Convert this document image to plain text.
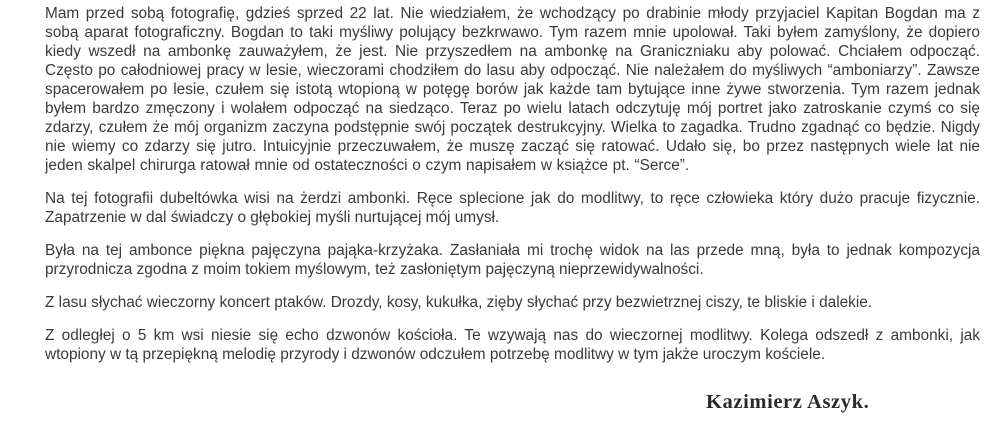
Mam przed sobą fotografię, gdzieś sprzed 22 lat. Nie wiedziałem, że wchodzący po drabinie młody przyjaciel Kapitan Bogdan ma z sobą aparat fotograficzny. Bogdan to taki myśliwy polujący bezkrwawo. Tym razem mnie upolował. Taki byłem zamyślony, że dopiero kiedy wszedł na ambonkę zauważyłem, że jest. Nie przyszedłem na ambonkę na Graniczniaku aby polować. Chciałem odpocząć. Często po całodniowej pracy w lesie, wieczorami chodziłem do lasu aby odpocząć. Nie należałem do myśliwych “amboniarzy”. Zawsze spacerowałem po lesie, czułem się istotą wtopioną w potęgę borów jak każde tam bytujące inne żywe stworzenia. Tym razem jednak byłem bardzo zmęczony i wolałem odpocząć na siedząco. Teraz po wielu latach odczytuję mój portret jako zatroskanie czymś co się zdarzy, czułem że mój organizm zaczyna podstępnie swój początek destrukcyjny. Wielka to zagadka. Trudno zgadnąć co będzie. Nigdy nie wiemy co zdarzy się jutro. Intuicyjnie przeczuwałem, że muszę zacząć się ratować. Udało się, bo przez następnych wiele lat nie jeden skalpel chirurga ratował mnie od ostateczności o czym napisałem w książce pt. “Serce”.

Na tej fotografii dubeltówka wisi na żerdzi ambonki. Ręce splecione jak do modlitwy, to ręce człowieka który dużo pracuje fizycznie. Zapatrzenie w dal świadczy o głębokiej myśli nurtującej mój umysł.

Była na tej ambonce piękna pajęczyna pająka-krzyżaka. Zasłaniała mi trochę widok na las przede mną, była to jednak kompozycja przyrodnicza zgodna z moim tokiem myślowym, też zasłoniętym pajęczyną nieprzewidywalności.

Z lasu słychać wieczorny koncert ptaków. Drozdy, kosy, kukułka, zięby słychać przy bezwietrznej ciszy, te bliskie i dalekie.

Z odległej o 5 km wsi niesie się echo dzwonów kościoła. Te wzywają nas do wieczornej modlitwy. Kolega odszedł z ambonki, jak wtopiony w tą przepiękną melodię przyrody i dzwonów odczułem potrzebę modlitwy w tym jakże uroczym kościele.

Kazimierz Aszyk.
